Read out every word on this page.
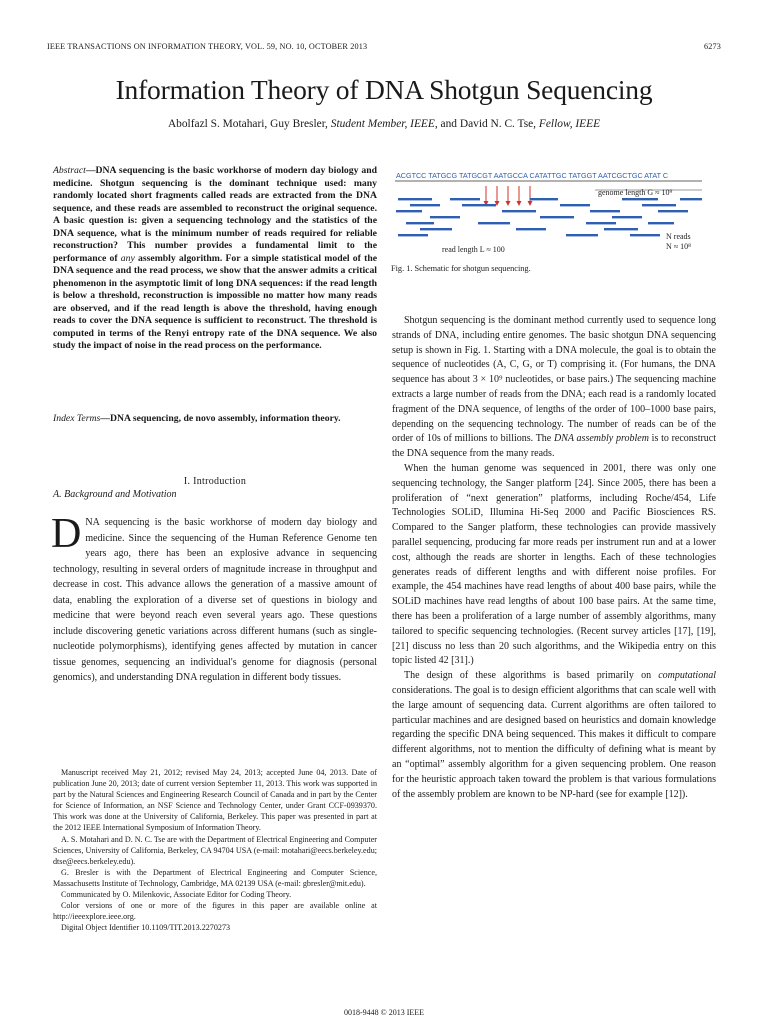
IEEE TRANSACTIONS ON INFORMATION THEORY, VOL. 59, NO. 10, OCTOBER 2013	6273
Information Theory of DNA Shotgun Sequencing
Abolfazl S. Motahari, Guy Bresler, Student Member, IEEE, and David N. C. Tse, Fellow, IEEE
Abstract—DNA sequencing is the basic workhorse of modern day biology and medicine. Shotgun sequencing is the dominant technique used: many randomly located short fragments called reads are extracted from the DNA sequence, and these reads are assembled to reconstruct the original sequence. A basic question is: given a sequencing technology and the statistics of the DNA sequence, what is the minimum number of reads required for reliable reconstruction? This number provides a fundamental limit to the performance of any assembly algorithm. For a simple statistical model of the DNA sequence and the read process, we show that the answer admits a critical phenomenon in the asymptotic limit of long DNA sequences: if the read length is below a threshold, reconstruction is impossible no matter how many reads are observed, and if the read length is above the threshold, having enough reads to cover the DNA sequence is sufficient to reconstruct. The threshold is computed in terms of the Renyi entropy rate of the DNA sequence. We also study the impact of noise in the read process on the performance.
Index Terms—DNA sequencing, de novo assembly, information theory.
I. Introduction
A. Background and Motivation
DNA sequencing is the basic workhorse of modern day biology and medicine. Since the sequencing of the Human Reference Genome ten years ago, there has been an explosive advance in sequencing technology, resulting in several orders of magnitude increase in throughput and decrease in cost. This advance allows the generation of a massive amount of data, enabling the exploration of a diverse set of questions in biology and medicine that were beyond reach even several years ago. These questions include discovering genetic variations across different humans (such as single-nucleotide polymorphisms), identifying genes affected by mutation in cancer tissue genomes, sequencing an individual's genome for diagnosis (personal genomics), and understanding DNA regulation in different body tissues.

Manuscript received May 21, 2012; revised May 24, 2013; accepted June 04, 2013. Date of publication June 20, 2013; date of current version September 11, 2013. This work was supported in part by the Natural Sciences and Engineering Research Council of Canada and in part by the Center for Science of Information, an NSF Science and Technology Center, under Grant CCF-0939370. This work was done at the University of California, Berkeley. This paper was presented in part at the 2012 IEEE International Symposium of Information Theory.

A. S. Motahari and D. N. C. Tse are with the Department of Electrical Engineering and Computer Sciences, University of California, Berkeley, CA 94704 USA (e-mail: motahari@eecs.berkeley.edu; dtse@eecs.berkeley.edu).

G. Bresler is with the Department of Electrical Engineering and Computer Science, Massachusetts Institute of Technology, Cambridge, MA 02139 USA (e-mail: gbresler@mit.edu).

Communicated by O. Milenkovic, Associate Editor for Coding Theory.

Color versions of one or more of the figures in this paper are available online at http://ieeexplore.ieee.org.

Digital Object Identifier 10.1109/TIT.2013.2270273

ACGTCC TATGCG TATGCGT AATGCCA CATATTGC TATGGT AATCGCTGC ATAT C
genome length G ≈ 10⁹
N reads
N ≈ 10⁸
read length L ≈ 100
Fig. 1. Schematic for shotgun sequencing.

Shotgun sequencing is the dominant method currently used to sequence long strands of DNA, including entire genomes. The basic shotgun DNA sequencing setup is shown in Fig. 1. Starting with a DNA molecule, the goal is to obtain the sequence of nucleotides (A, C, G, or T) comprising it. (For humans, the DNA sequence has about 3 × 10⁹ nucleotides, or base pairs.) The sequencing machine extracts a large number of reads from the DNA; each read is a randomly located fragment of the DNA sequence, of lengths of the order of 100–1000 base pairs, depending on the sequencing technology. The number of reads can be of the order of 10s of millions to billions. The DNA assembly problem is to reconstruct the DNA sequence from the many reads.

When the human genome was sequenced in 2001, there was only one sequencing technology, the Sanger platform [24]. Since 2005, there has been a proliferation of “next generation” platforms, including Roche/454, Life Technologies SOLiD, Illumina Hi-Seq 2000 and Pacific Biosciences RS. Compared to the Sanger platform, these technologies can provide massively parallel sequencing, producing far more reads per instrument run and at a lower cost, although the reads are shorter in lengths. Each of these technologies generates reads of different lengths and with different noise profiles. For example, the 454 machines have read lengths of about 400 base pairs, while the SOLiD machines have read lengths of about 100 base pairs. At the same time, there has been a proliferation of a large number of assembly algorithms, many tailored to specific sequencing technologies. (Recent survey articles [17], [19], [21] discuss no less than 20 such algorithms, and the Wikipedia entry on this topic listed 42 [31].)

The design of these algorithms is based primarily on computational considerations. The goal is to design efficient algorithms that can scale well with the large amount of sequencing data. Current algorithms are often tailored to particular machines and are designed based on heuristics and domain knowledge regarding the specific DNA being sequenced. This makes it difficult to compare different algorithms, not to mention the difficulty of defining what is meant by an “optimal” assembly algorithm for a given sequencing problem. One reason for the heuristic approach taken toward the problem is that various formulations of the assembly problem are known to be NP-hard (see for example [12]).

0018-9448 © 2013 IEEE
